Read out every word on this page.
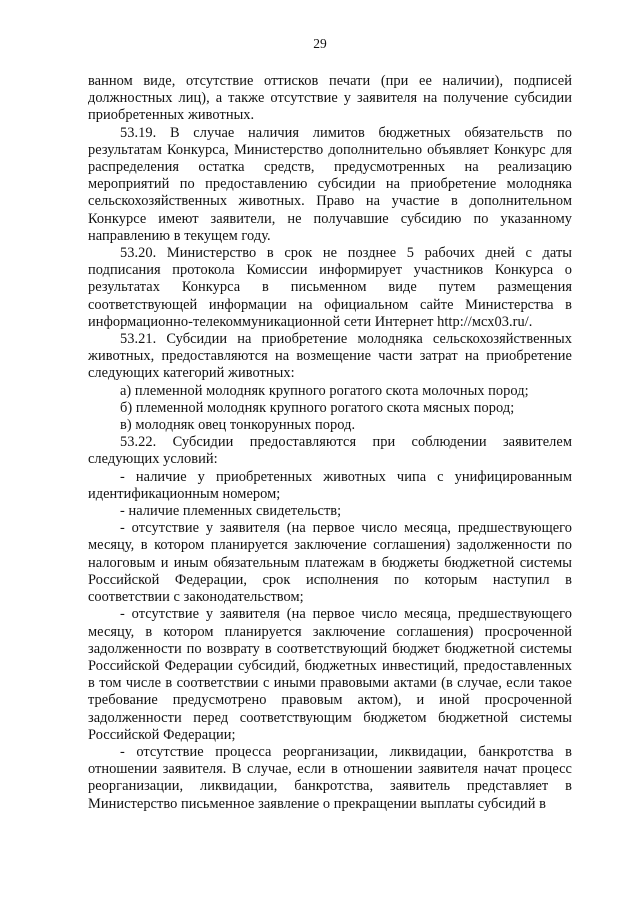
29

ванном виде, отсутствие оттисков печати (при ее наличии), подписей должностных лиц), а также отсутствие у заявителя на получение субсидии приобретенных животных.

53.19. В случае наличия лимитов бюджетных обязательств по результатам Конкурса, Министерство дополнительно объявляет Конкурс для распределения остатка средств, предусмотренных на реализацию мероприятий по предоставлению субсидии на приобретение молодняка сельскохозяйственных животных. Право на участие в дополнительном Конкурсе имеют заявители, не получавшие субсидию по указанному направлению в текущем году.

53.20. Министерство в срок не позднее 5 рабочих дней с даты подписания протокола Комиссии информирует участников Конкурса о результатах Конкурса в письменном виде путем размещения соответствующей информации на официальном сайте Министерства в информационно-телекоммуникационной сети Интернет http://мсх03.ru/.

53.21. Субсидии на приобретение молодняка сельскохозяйственных животных, предоставляются на возмещение части затрат на приобретение следующих категорий животных:

а) племенной молодняк крупного рогатого скота молочных пород;

б) племенной молодняк крупного рогатого скота мясных пород;

в) молодняк овец тонкорунных пород.

53.22. Субсидии предоставляются при соблюдении заявителем следующих условий:

- наличие у приобретенных животных чипа с унифицированным идентификационным номером;

- наличие племенных свидетельств;

- отсутствие у заявителя (на первое число месяца, предшествующего месяцу, в котором планируется заключение соглашения) задолженности по налоговым и иным обязательным платежам в бюджеты бюджетной системы Российской Федерации, срок исполнения по которым наступил в соответствии с законодательством;

- отсутствие у заявителя (на первое число месяца, предшествующего месяцу, в котором планируется заключение соглашения) просроченной задолженности по возврату в соответствующий бюджет бюджетной системы Российской Федерации субсидий, бюджетных инвестиций, предоставленных в том числе в соответствии с иными правовыми актами (в случае, если такое требование предусмотрено правовым актом), и иной просроченной задолженности перед соответствующим бюджетом бюджетной системы Российской Федерации;

- отсутствие процесса реорганизации, ликвидации, банкротства в отношении заявителя. В случае, если в отношении заявителя начат процесс реорганизации, ликвидации, банкротства, заявитель представляет в Министерство письменное заявление о прекращении выплаты субсидий в
